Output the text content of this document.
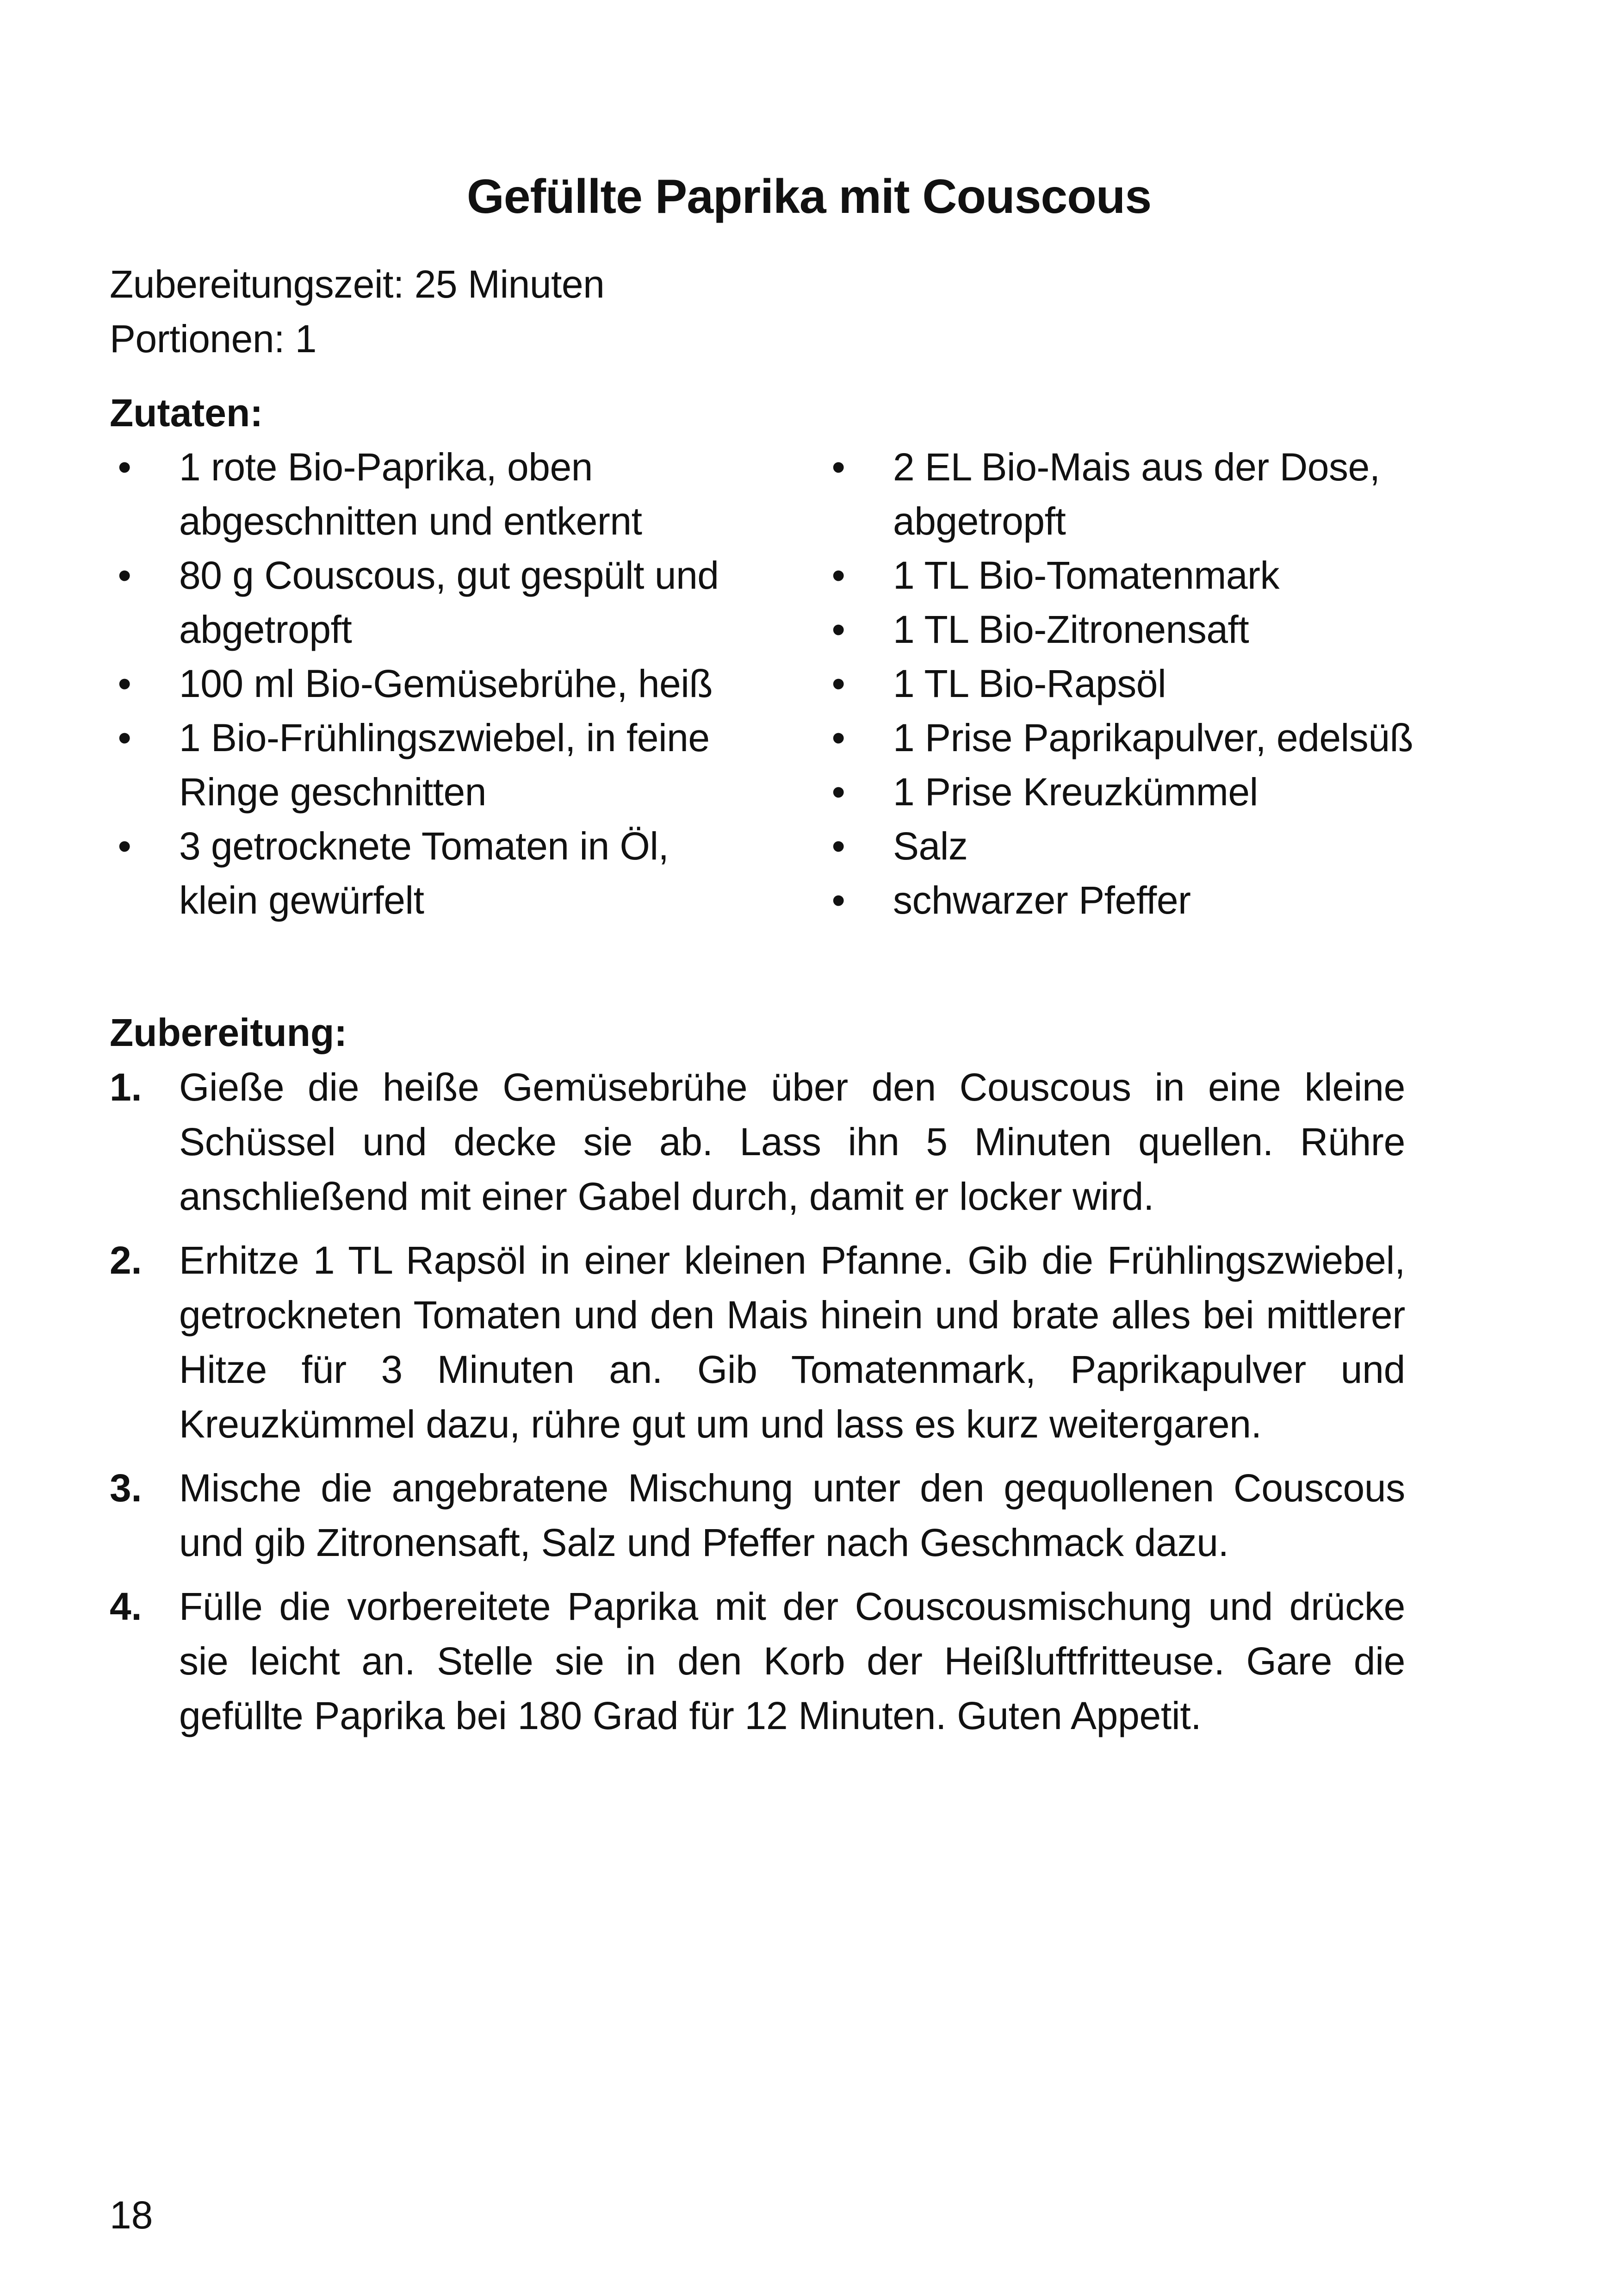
Gefüllte Paprika mit Couscous
Zubereitungszeit: 25 Minuten
Portionen: 1
Zutaten:
• 1 rote Bio-Paprika, oben abgeschnitten und entkernt
• 80 g Couscous, gut gespült und abgetropft
• 100 ml Bio-Gemüsebrühe, heiß
• 1 Bio-Frühlingszwiebel, in feine Ringe geschnitten
• 3 getrocknete Tomaten in Öl, klein gewürfelt
• 2 EL Bio-Mais aus der Dose, abgetropft
• 1 TL Bio-Tomatenmark
• 1 TL Bio-Zitronensaft
• 1 TL Bio-Rapsöl
• 1 Prise Paprikapulver, edelsüß
• 1 Prise Kreuzkümmel
• Salz
• schwarzer Pfeffer
Zubereitung:
1. Gieße die heiße Gemüsebrühe über den Couscous in eine kleine Schüssel und decke sie ab. Lass ihn 5 Minuten quellen. Rühre anschließend mit einer Gabel durch, damit er locker wird.
2. Erhitze 1 TL Rapsöl in einer kleinen Pfanne. Gib die Frühlingszwiebel, getrockneten Tomaten und den Mais hinein und brate alles bei mittlerer Hitze für 3 Minuten an. Gib Tomatenmark, Paprikapulver und Kreuzkümmel dazu, rühre gut um und lass es kurz weitergaren.
3. Mische die angebratene Mischung unter den gequollenen Couscous und gib Zitronensaft, Salz und Pfeffer nach Geschmack dazu.
4. Fülle die vorbereitete Paprika mit der Couscousmischung und drücke sie leicht an. Stelle sie in den Korb der Heißluftfritteuse. Gare die gefüllte Paprika bei 180 Grad für 12 Minuten. Guten Appetit.
18
